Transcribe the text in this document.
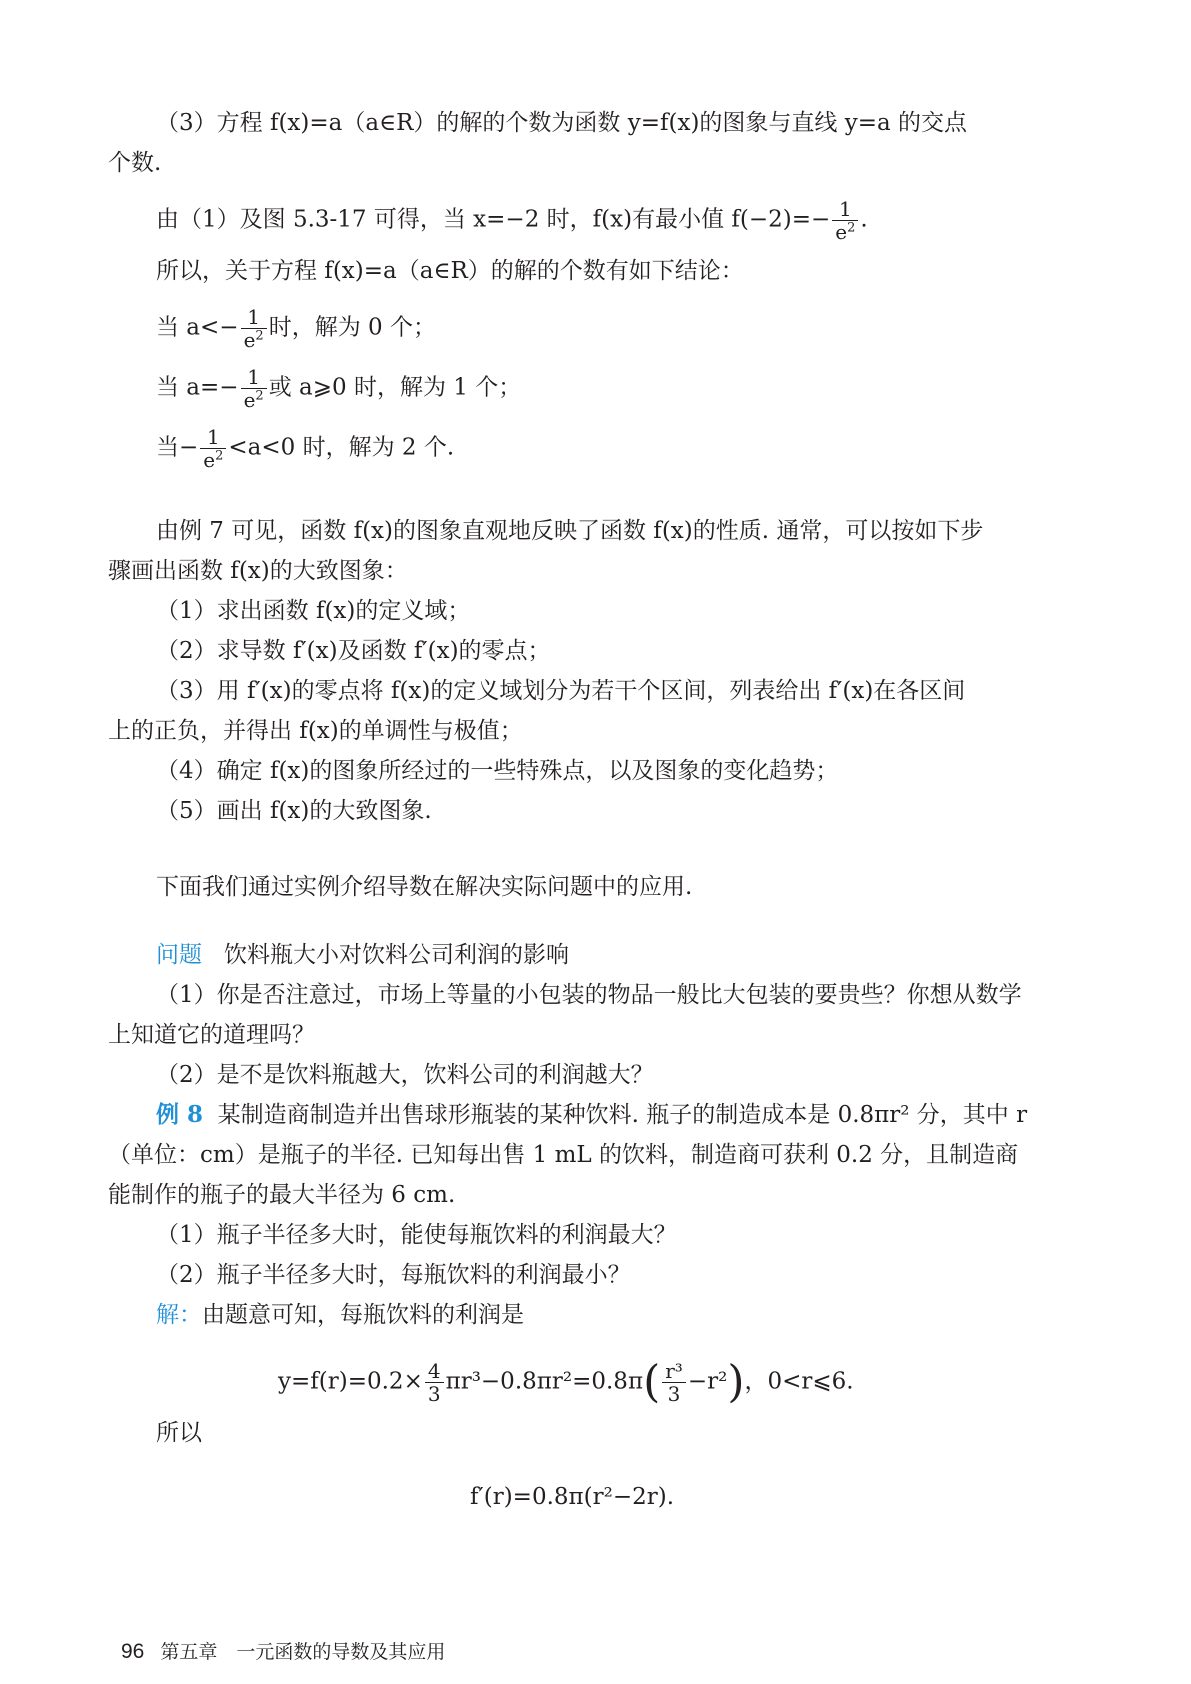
（3）方程 f(x)=a（a∈R）的解的个数为函数 y=f(x)的图象与直线 y=a 的交点
个数.
由（1）及图 5.3-17 可得，当 x=−2 时，f(x)有最小值 $f(-2)=- \frac{1}{e^2}$ .
所以，关于方程 f(x)=a（a∈R）的解的个数有如下结论：
当 $a<- \frac{1}{e^2}$ 时，解为 0 个；
当 $a=- \frac{1}{e^2}$ 或 a⩾0 时，解为 1 个；
当− $\frac{1}{e^2} <a<0$ 时，解为 2 个.
由例 7 可见，函数 f(x)的图象直观地反映了函数 f(x)的性质. 通常，可以按如下步
骤画出函数 f(x)的大致图象：
（1）求出函数 f(x)的定义域；
（2）求导数 f′(x)及函数 f′(x)的零点；
（3）用 f′(x)的零点将 f(x)的定义域划分为若干个区间，列表给出 f′(x)在各区间
上的正负，并得出 f(x)的单调性与极值；
（4）确定 f(x)的图象所经过的一些特殊点，以及图象的变化趋势；
（5）画出 f(x)的大致图象.
下面我们通过实例介绍导数在解决实际问题中的应用.
问题 饮料瓶大小对饮料公司利润的影响
（1）你是否注意过，市场上等量的小包装的物品一般比大包装的要贵些？你想从数学
上知道它的道理吗？
（2）是不是饮料瓶越大，饮料公司的利润越大？
例 8 某制造商制造并出售球形瓶装的某种饮料. 瓶子的制造成本是 0.8πr² 分，其中 r
（单位：cm）是瓶子的半径. 已知每出售 1 mL 的饮料，制造商可获利 0.2 分，且制造商
能制作的瓶子的最大半径为 6 cm.
（1）瓶子半径多大时，能使每瓶饮料的利润最大？
（2）瓶子半径多大时，每瓶饮料的利润最小？
解：由题意可知，每瓶饮料的利润是
$y=f(r)=0.2\times \frac{4}{3} \pi r^3-0.8\pi r^2=0.8\pi( \frac{\text{r³}}{3} -r^2)$，0<r⩽6.
所以
f′(r)=0.8π(r²−2r).
96 第五章　一元函数的导数及其应用
